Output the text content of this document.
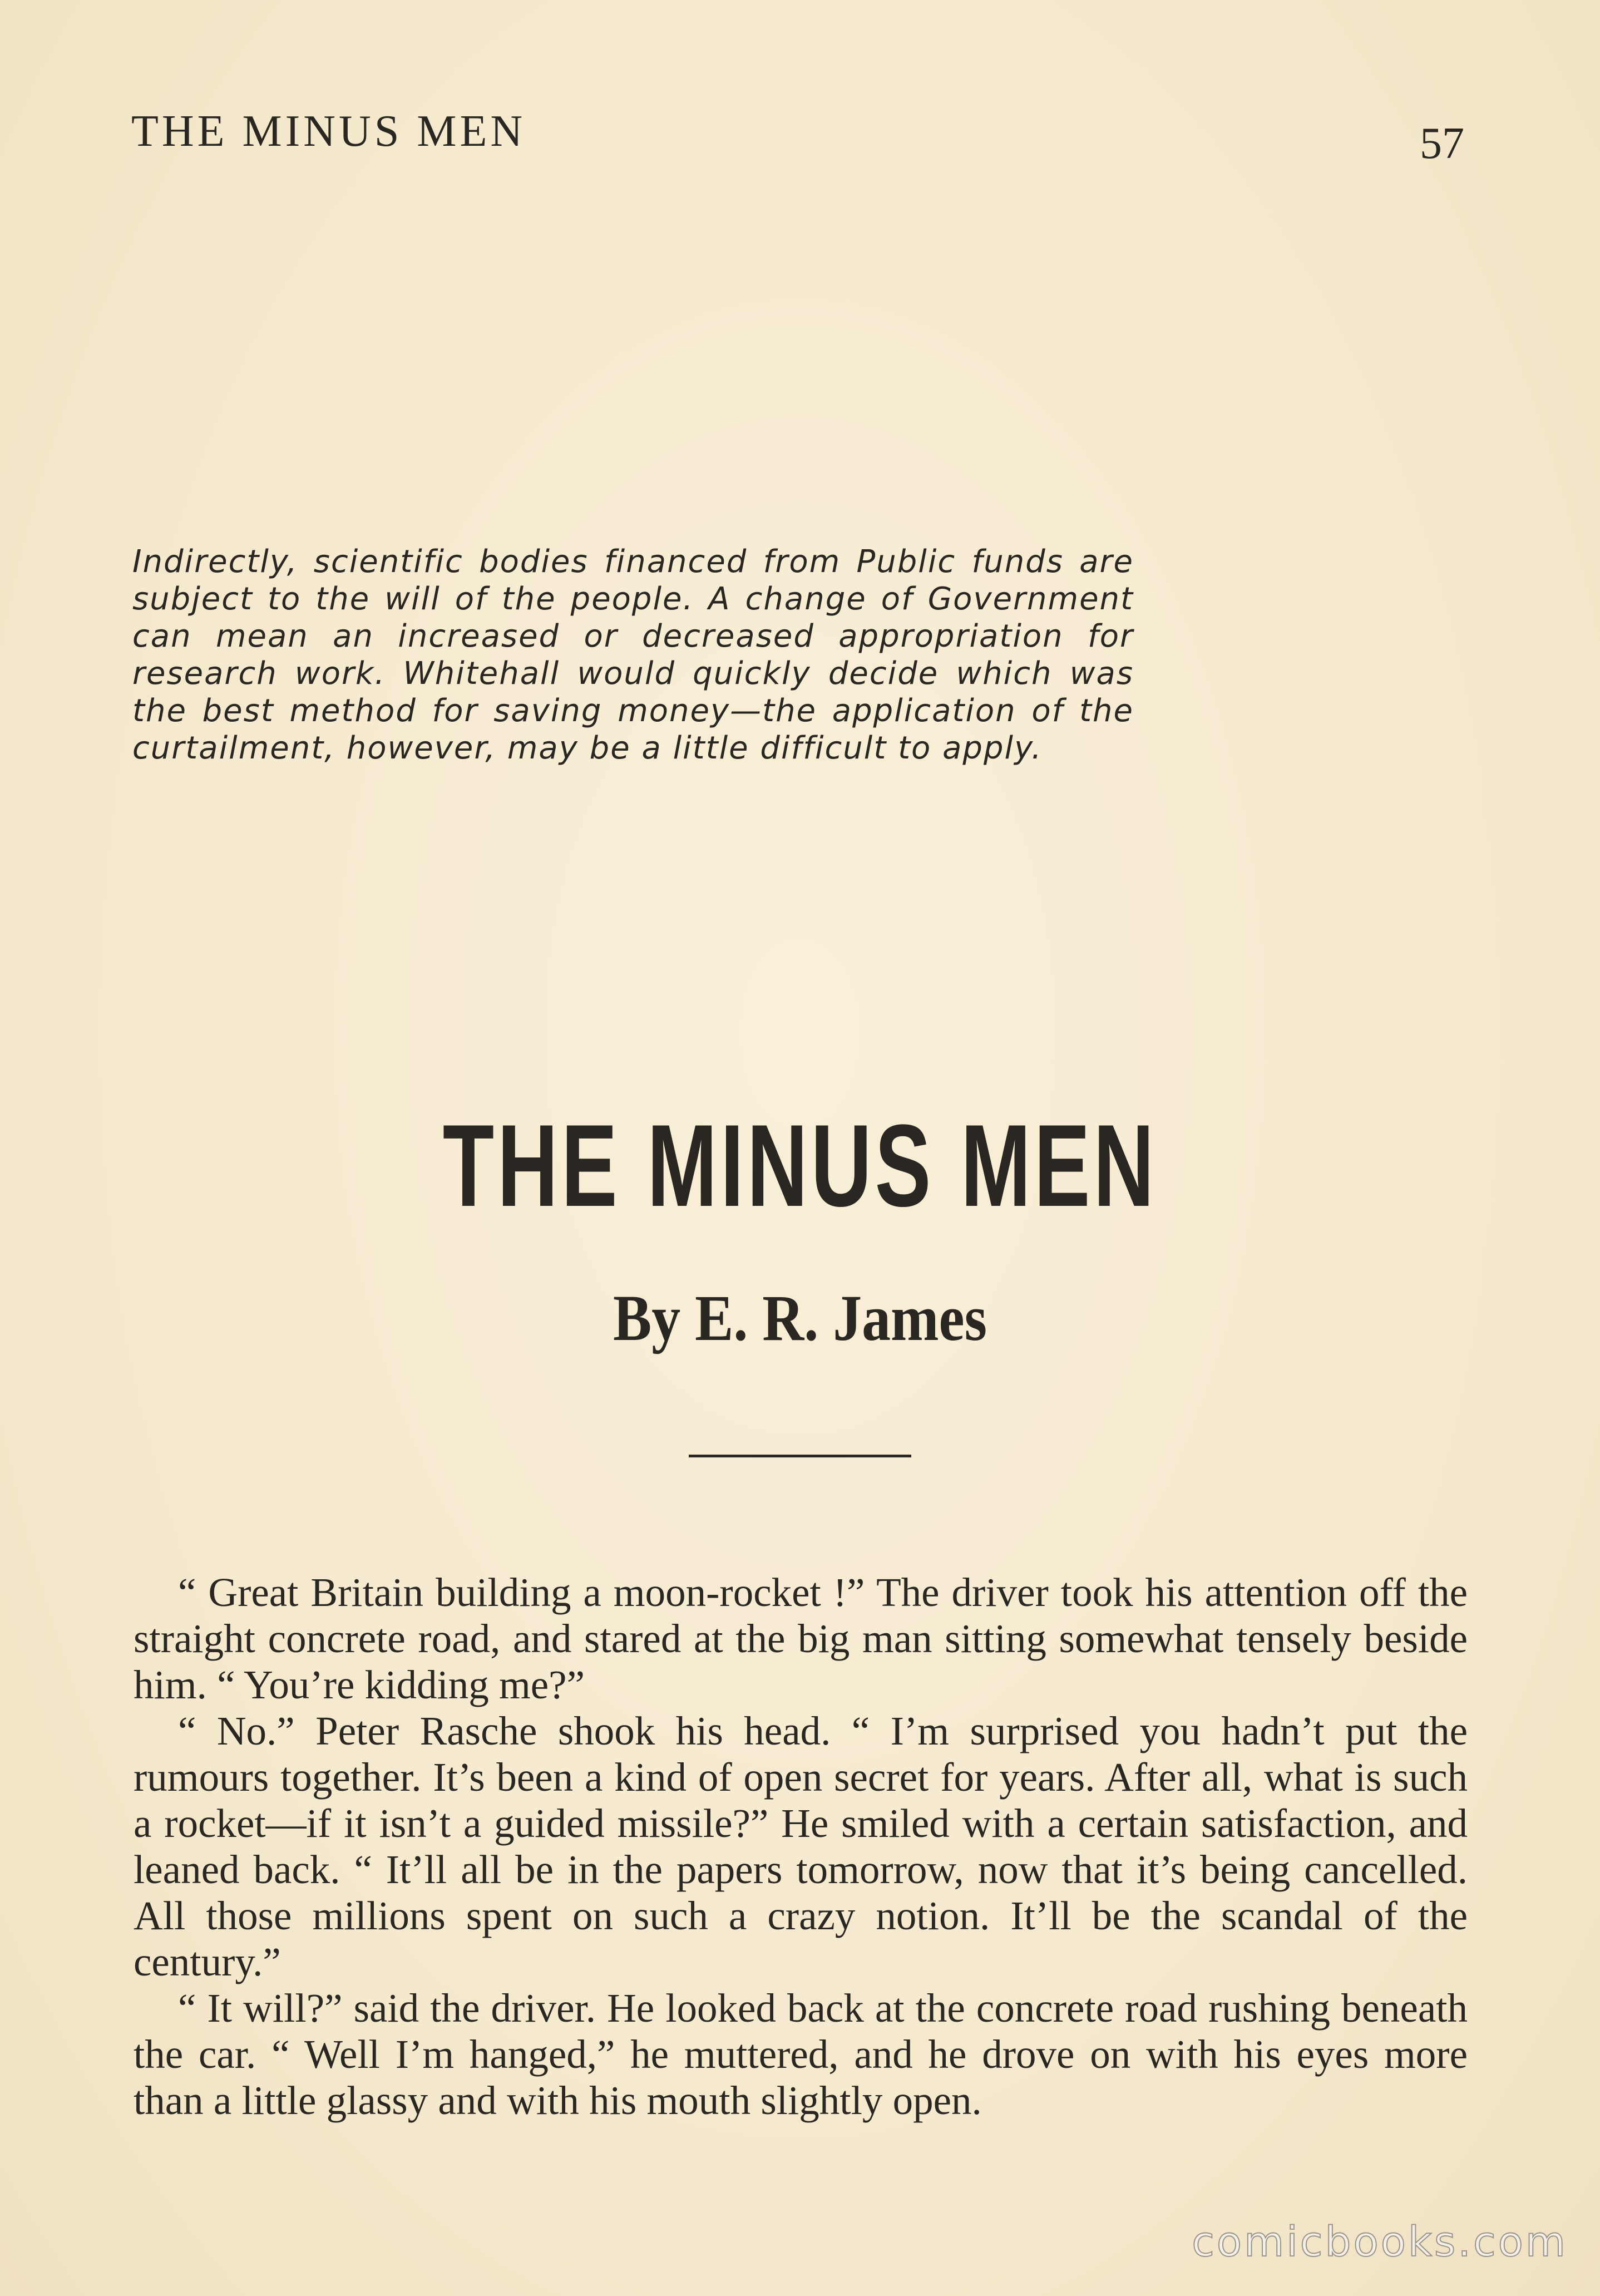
THE MINUS MEN	57
Indirectly, scientific bodies financed from Public funds are subject to the will of the people. A change of Government can mean an increased or decreased appropriation for research work. Whitehall would quickly decide which was the best method for saving money—the application of the curtailment, however, may be a little difficult to apply.
THE MINUS MEN
By E. R. James

“ Great Britain building a moon-rocket !” The driver took his attention off the straight concrete road, and stared at the big man sitting somewhat tensely beside him. “ You’re kidding me?”

“ No.” Peter Rasche shook his head. “ I’m surprised you hadn’t put the rumours together. It’s been a kind of open secret for years. After all, what is such a rocket—if it isn’t a guided missile?” He smiled with a certain satisfaction, and leaned back. “ It’ll all be in the papers tomorrow, now that it’s being cancelled. All those millions spent on such a crazy notion. It’ll be the scandal of the century.”

“ It will?” said the driver. He looked back at the concrete road rushing beneath the car. “ Well I’m hanged,” he muttered, and he drove on with his eyes more than a little glassy and with his mouth slightly open.

comicbooks.com
